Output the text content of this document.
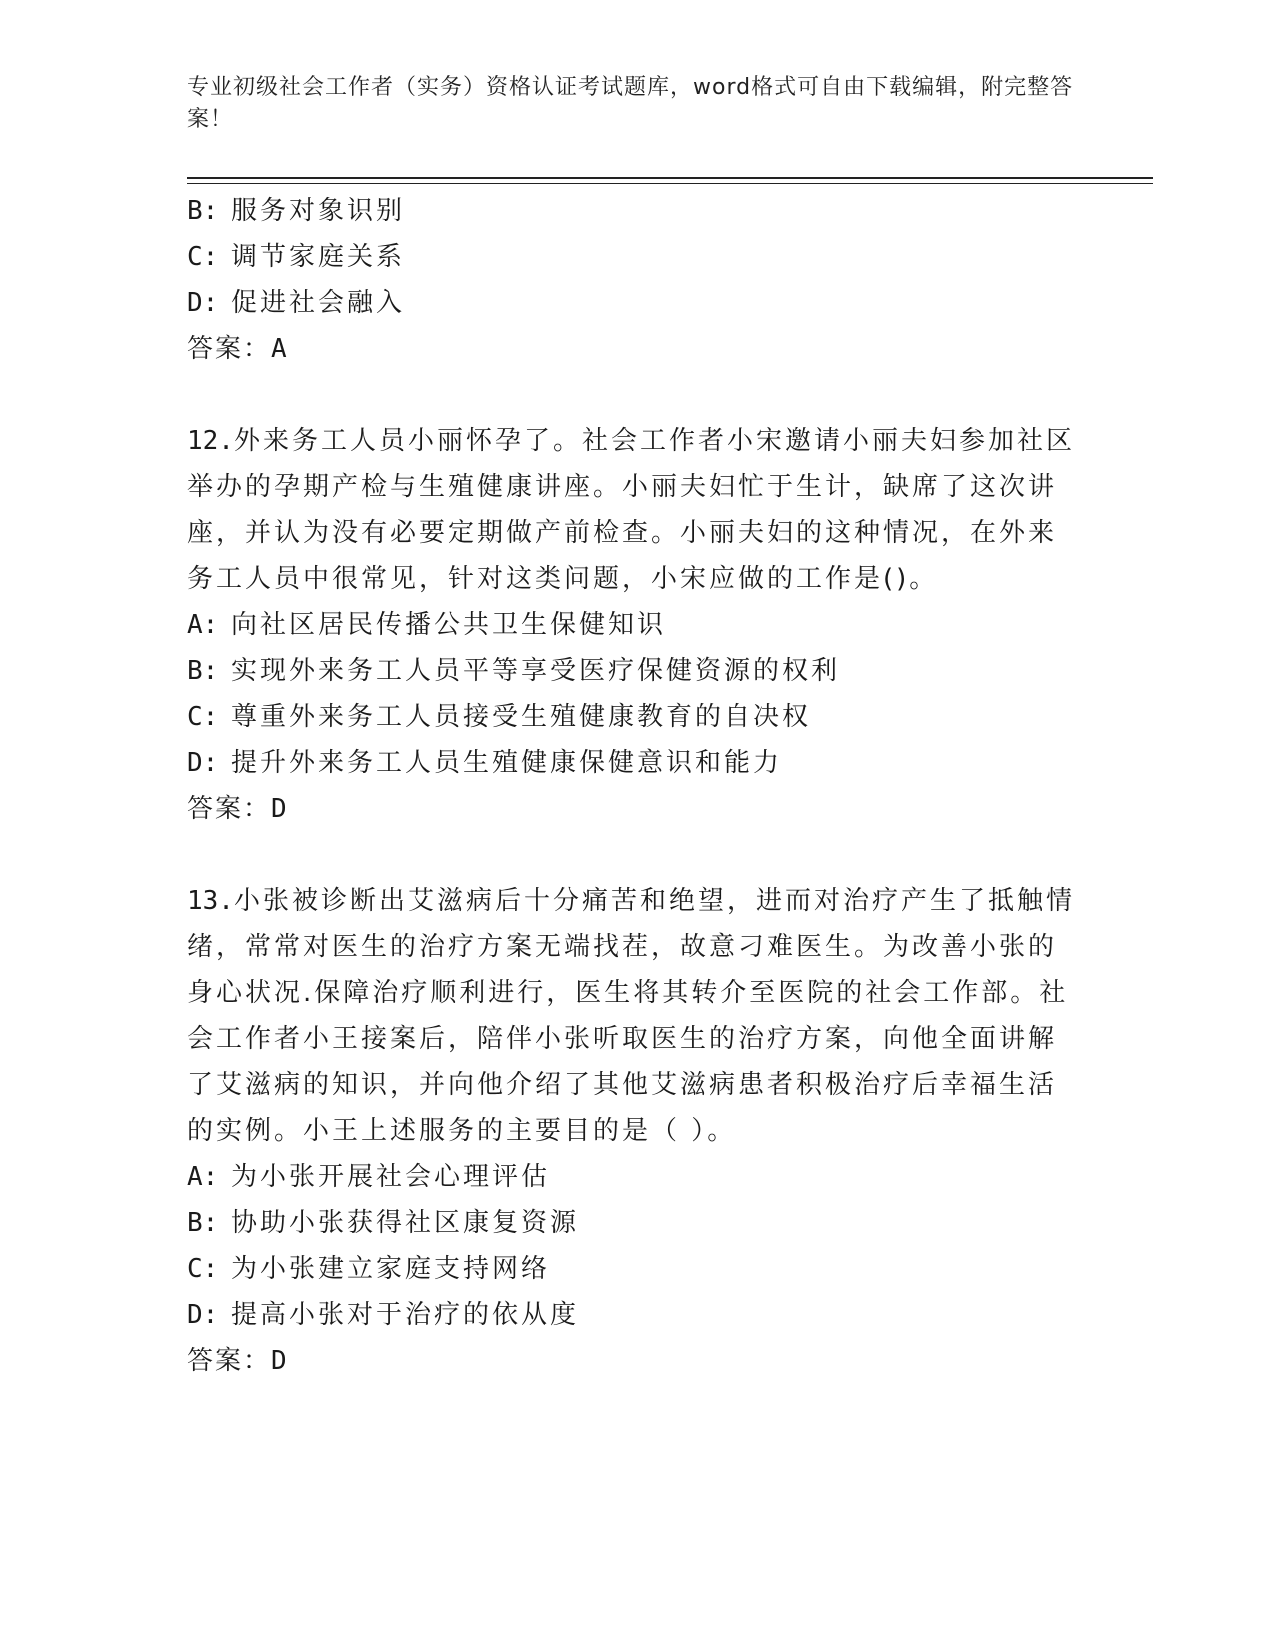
专业初级社会工作者（实务）资格认证考试题库，word格式可自由下载编辑，附完整答案！
B: 服务对象识别
C: 调节家庭关系
D: 促进社会融入
答案：A
12.外来务工人员小丽怀孕了。社会工作者小宋邀请小丽夫妇参加社区举办的孕期产检与生殖健康讲座。小丽夫妇忙于生计，缺席了这次讲座，并认为没有必要定期做产前检查。小丽夫妇的这种情况，在外来务工人员中很常见，针对这类问题，小宋应做的工作是()。
A: 向社区居民传播公共卫生保健知识
B: 实现外来务工人员平等享受医疗保健资源的权利
C: 尊重外来务工人员接受生殖健康教育的自决权
D: 提升外来务工人员生殖健康保健意识和能力
答案：D
13.小张被诊断出艾滋病后十分痛苦和绝望，进而对治疗产生了抵触情绪，常常对医生的治疗方案无端找茬，故意刁难医生。为改善小张的身心状况.保障治疗顺利进行，医生将其转介至医院的社会工作部。社会工作者小王接案后，陪伴小张听取医生的治疗方案，向他全面讲解了艾滋病的知识，并向他介绍了其他艾滋病患者积极治疗后幸福生活的实例。小王上述服务的主要目的是（ ）。
A: 为小张开展社会心理评估
B: 协助小张获得社区康复资源
C: 为小张建立家庭支持网络
D: 提高小张对于治疗的依从度
答案：D
